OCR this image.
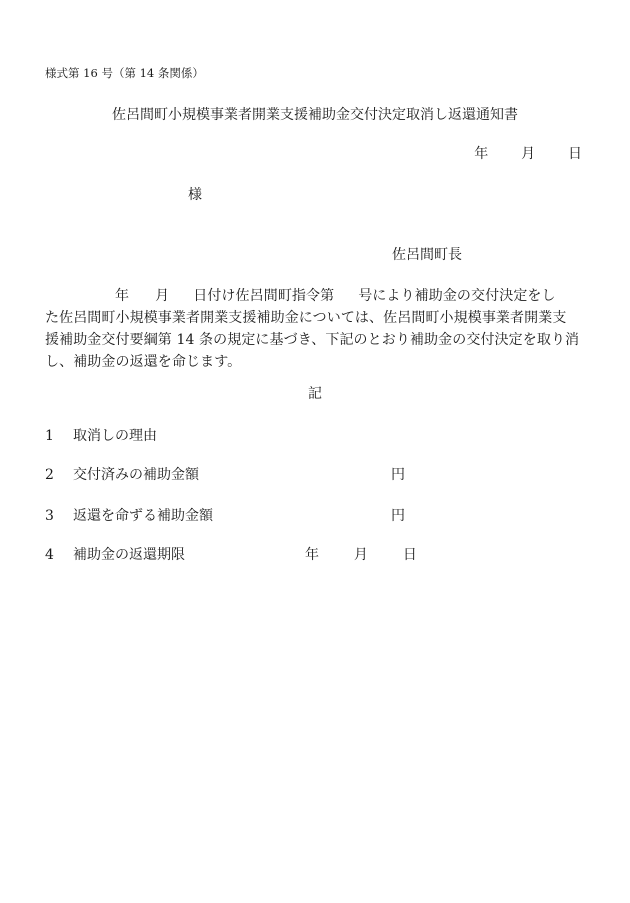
様式第 16 号（第 14 条関係）
佐呂間町小規模事業者開業支援補助金交付決定取消し返還通知書
年 月 日
様
佐呂間町長
年 月 日付け佐呂間町指令第 号により補助金の交付決定をし
た佐呂間町小規模事業者開業支援補助金については、佐呂間町小規模事業者開業支
援補助金交付要綱第 14 条の規定に基づき、下記のとおり補助金の交付決定を取り消
し、補助金の返還を命じます。
記
1 取消しの理由
2 交付済みの補助金額	円
3 返還を命ずる補助金額	円
4 補助金の返還期限	年 月 日
